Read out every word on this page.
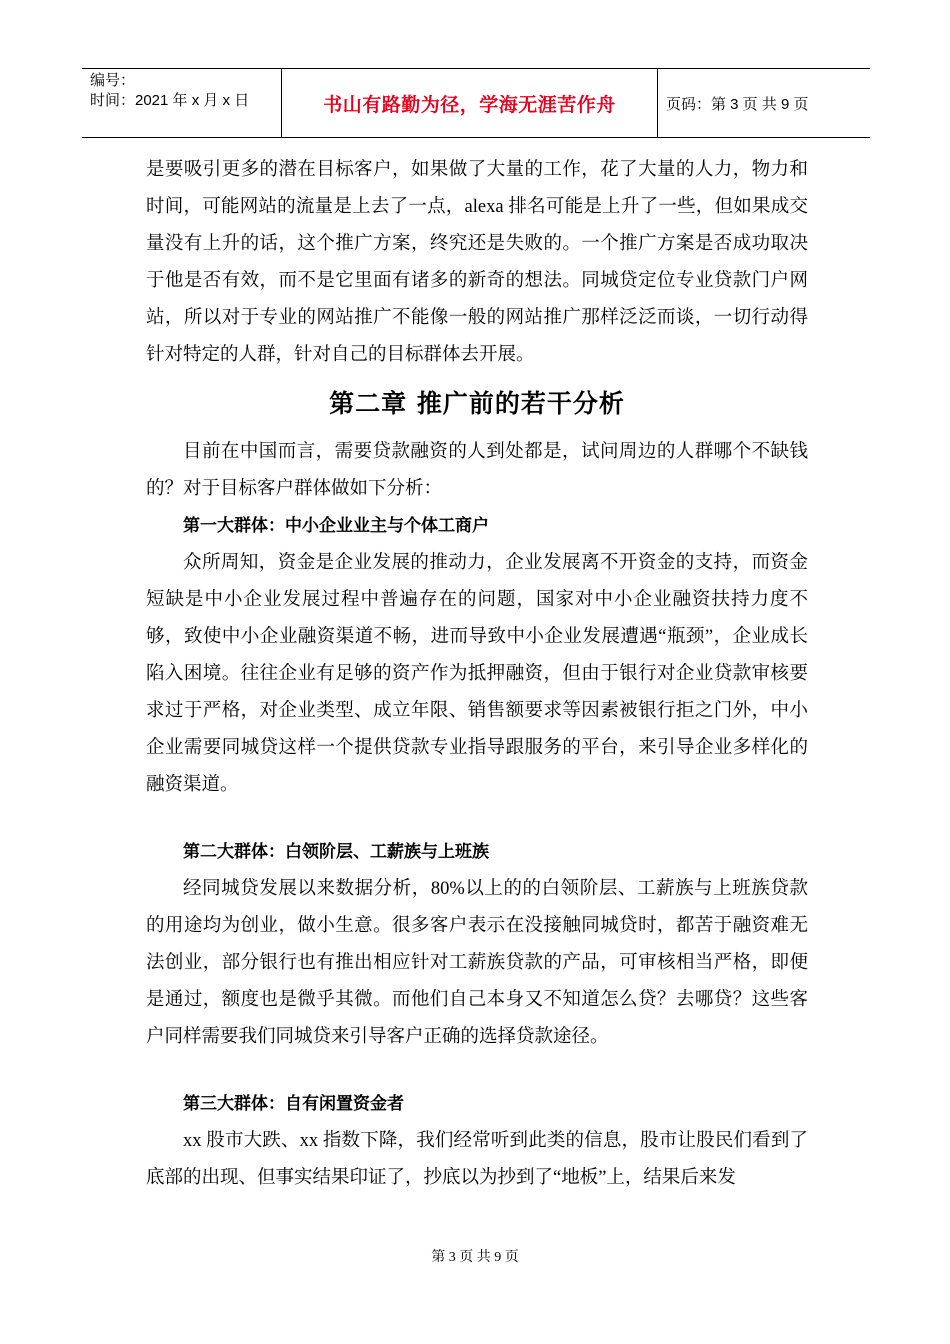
编号：
时间：2021 年 x 月 x 日	书山有路勤为径，学海无涯苦作舟	页码：第 3 页 共 9 页

是要吸引更多的潜在目标客户，如果做了大量的工作，花了大量的人力，物力和时间，可能网站的流量是上去了一点，alexa 排名可能是上升了一些，但如果成交量没有上升的话，这个推广方案，终究还是失败的。一个推广方案是否成功取决于他是否有效，而不是它里面有诸多的新奇的想法。同城贷定位专业贷款门户网站，所以对于专业的网站推广不能像一般的网站推广那样泛泛而谈，一切行动得针对特定的人群，针对自己的目标群体去开展。

第二章 推广前的若干分析

目前在中国而言，需要贷款融资的人到处都是，试问周边的人群哪个不缺钱的？对于目标客户群体做如下分析：

第一大群体：中小企业业主与个体工商户

众所周知，资金是企业发展的推动力，企业发展离不开资金的支持，而资金短缺是中小企业发展过程中普遍存在的问题，国家对中小企业融资扶持力度不够，致使中小企业融资渠道不畅，进而导致中小企业发展遭遇“瓶颈”，企业成长陷入困境。往往企业有足够的资产作为抵押融资，但由于银行对企业贷款审核要求过于严格，对企业类型、成立年限、销售额要求等因素被银行拒之门外，中小企业需要同城贷这样一个提供贷款专业指导跟服务的平台，来引导企业多样化的融资渠道。

第二大群体：白领阶层、工薪族与上班族

经同城贷发展以来数据分析，80%以上的的白领阶层、工薪族与上班族贷款的用途均为创业，做小生意。很多客户表示在没接触同城贷时，都苦于融资难无法创业，部分银行也有推出相应针对工薪族贷款的产品，可审核相当严格，即便是通过，额度也是微乎其微。而他们自己本身又不知道怎么贷？去哪贷？这些客户同样需要我们同城贷来引导客户正确的选择贷款途径。

第三大群体：自有闲置资金者

xx 股市大跌、xx 指数下降，我们经常听到此类的信息，股市让股民们看到了底部的出现、但事实结果印证了，抄底以为抄到了“地板”上，结果后来发

第 3 页 共 9 页
